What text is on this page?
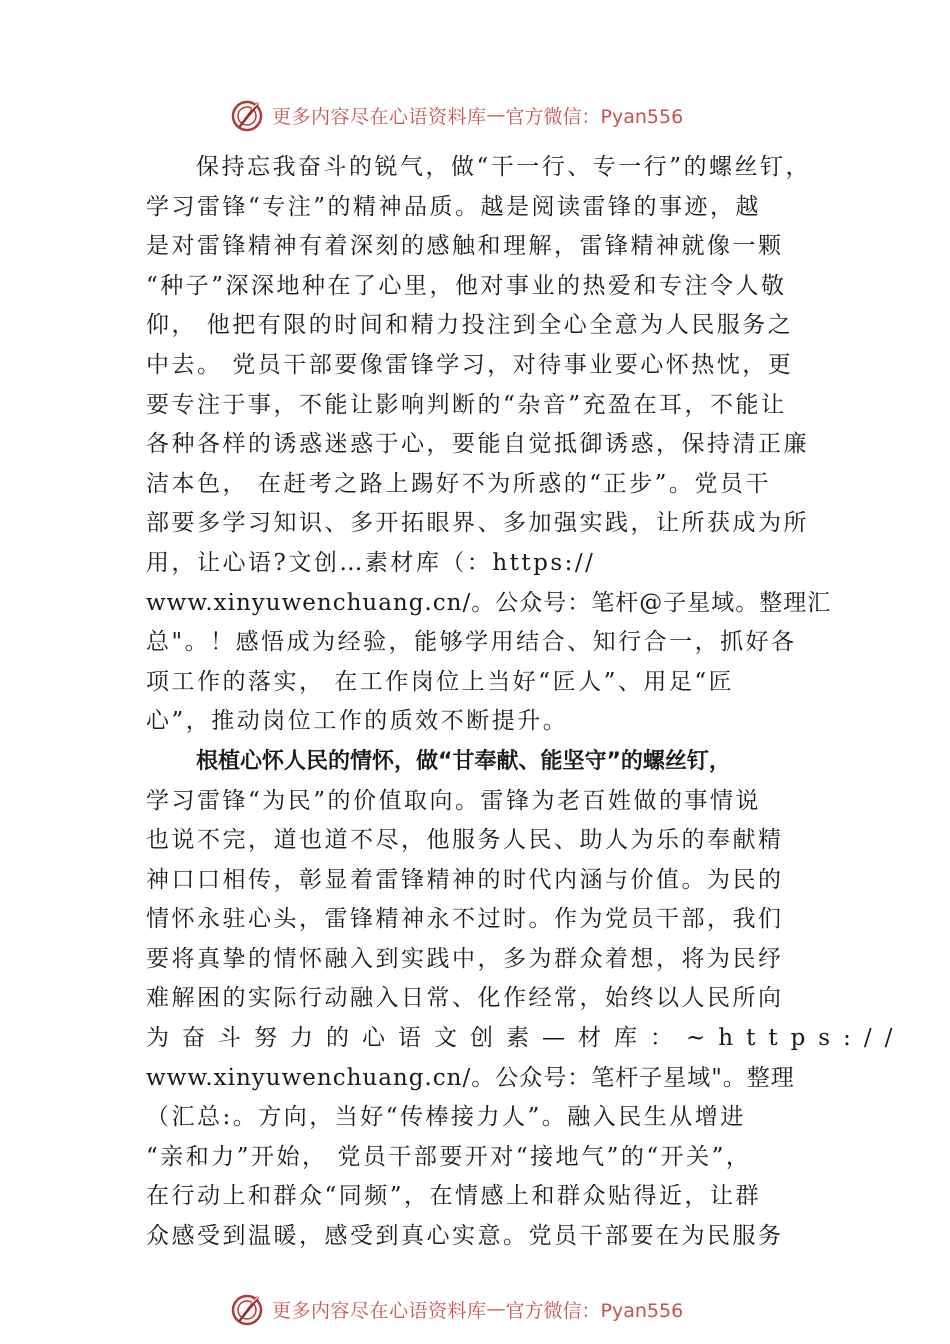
更多内容尽在心语资料库 — 官方微信：Pyan556
保持忘我奋斗的锐气，做“干一行、专一行”的螺丝钉，
学习雷锋“专注”的精神品质。越是阅读雷锋的事迹，越
是对雷锋精神有着深刻的感触和理解，雷锋精神就像一颗
“种子”深深地种在了心里，他对事业的热爱和专注令人敬
仰， 他把有限的时间和精力投注到全心全意为人民服务之
中去。 党员干部要像雷锋学习，对待事业要心怀热忱，更
要专注于事，不能让影响判断的“杂音”充盈在耳，不能让
各种各样的诱惑迷惑于心，要能自觉抵御诱惑，保持清正廉
洁本色， 在赶考之路上踢好不为所惑的“正步”。党员干
部要多学习知识、多开拓眼界、多加强实践，让所获成为所
用，让心语?文创…素材库（：https://
www.xinyuwenchuang.cn/。公众号：笔杆@子星域。整理汇
总"。！感悟成为经验，能够学用结合、知行合一，抓好各
项工作的落实， 在工作岗位上当好“匠人”、用足“匠
心”，推动岗位工作的质效不断提升。
根植心怀人民的情怀，做“甘奉献、能坚守”的螺丝钉，
学习雷锋“为民”的价值取向。雷锋为老百姓做的事情说
也说不完，道也道不尽，他服务人民、助人为乐的奉献精
神口口相传，彰显着雷锋精神的时代内涵与价值。为民的
情怀永驻心头，雷锋精神永不过时。作为党员干部，我们
要将真挚的情怀融入到实践中，多为群众着想，将为民纾
难解困的实际行动融入日常、化作经常，始终以人民所向
为奋斗努力的心语文创素—材库：~https://
www.xinyuwenchuang.cn/。公众号：笔杆子星域"。整理
（汇总:。方向，当好“传棒接力人”。融入民生从增进
“亲和力”开始， 党员干部要开对“接地气”的“开关”，
在行动上和群众“同频”，在情感上和群众贴得近，让群
众感受到温暖，感受到真心实意。党员干部要在为民服务
更多内容尽在心语资料库 — 官方微信：Pyan556
